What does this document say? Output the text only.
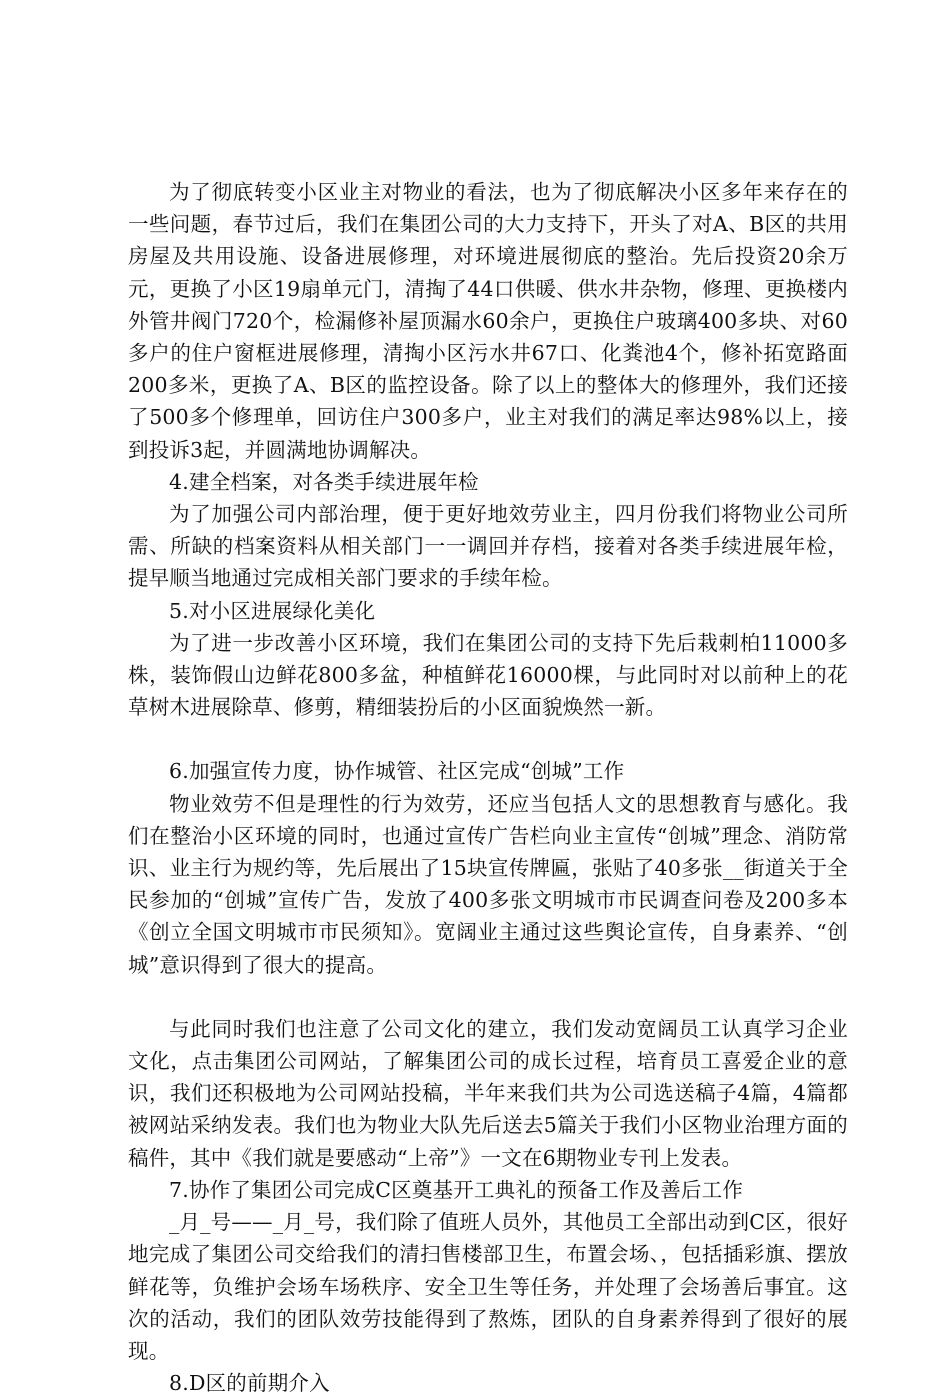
为了彻底转变小区业主对物业的看法，也为了彻底解决小区多年来存在的一些问题，春节过后，我们在集团公司的大力支持下，开头了对A、B区的共用房屋及共用设施、设备进展修理，对环境进展彻底的整治。先后投资20余万元，更换了小区19扇单元门，清掏了44口供暖、供水井杂物，修理、更换楼内外管井阀门720个，检漏修补屋顶漏水60余户，更换住户玻璃400多块、对60多户的住户窗框进展修理，清掏小区污水井67口、化粪池4个，修补拓宽路面200多米，更换了A、B区的监控设备。除了以上的整体大的修理外，我们还接了500多个修理单，回访住户300多户，业主对我们的满足率达98%以上，接到投诉3起，并圆满地协调解决。

4.建全档案，对各类手续进展年检

为了加强公司内部治理，便于更好地效劳业主，四月份我们将物业公司所需、所缺的档案资料从相关部门一一调回并存档，接着对各类手续进展年检，提早顺当地通过完成相关部门要求的手续年检。

5.对小区进展绿化美化

为了进一步改善小区环境，我们在集团公司的支持下先后栽刺柏11000多株，装饰假山边鲜花800多盆，种植鲜花16000棵，与此同时对以前种上的花草树木进展除草、修剪，精细装扮后的小区面貌焕然一新。

6.加强宣传力度，协作城管、社区完成“创城”工作

物业效劳不但是理性的行为效劳，还应当包括人文的思想教育与感化。我们在整治小区环境的同时，也通过宣传广告栏向业主宣传“创城”理念、消防常识、业主行为规约等，先后展出了15块宣传牌匾，张贴了40多张__街道关于全民参加的“创城”宣传广告，发放了400多张文明城市市民调查问卷及200多本《创立全国文明城市市民须知》。宽阔业主通过这些舆论宣传，自身素养、“创城”意识得到了很大的提高。

与此同时我们也注意了公司文化的建立，我们发动宽阔员工认真学习企业文化，点击集团公司网站，了解集团公司的成长过程，培育员工喜爱企业的意识，我们还积极地为公司网站投稿，半年来我们共为公司选送稿子4篇，4篇都被网站采纳发表。我们也为物业大队先后送去5篇关于我们小区物业治理方面的稿件，其中《我们就是要感动“上帝”》一文在6期物业专刊上发表。

7.协作了集团公司完成C区奠基开工典礼的预备工作及善后工作

_月_号——_月_号，我们除了值班人员外，其他员工全部出动到C区，很好地完成了集团公司交给我们的清扫售楼部卫生，布置会场、，包括插彩旗、摆放鲜花等，负维护会场车场秩序、安全卫生等任务，并处理了会场善后事宜。这次的活动，我们的团队效劳技能得到了熬炼，团队的自身素养得到了很好的展现。

8.D区的前期介入
